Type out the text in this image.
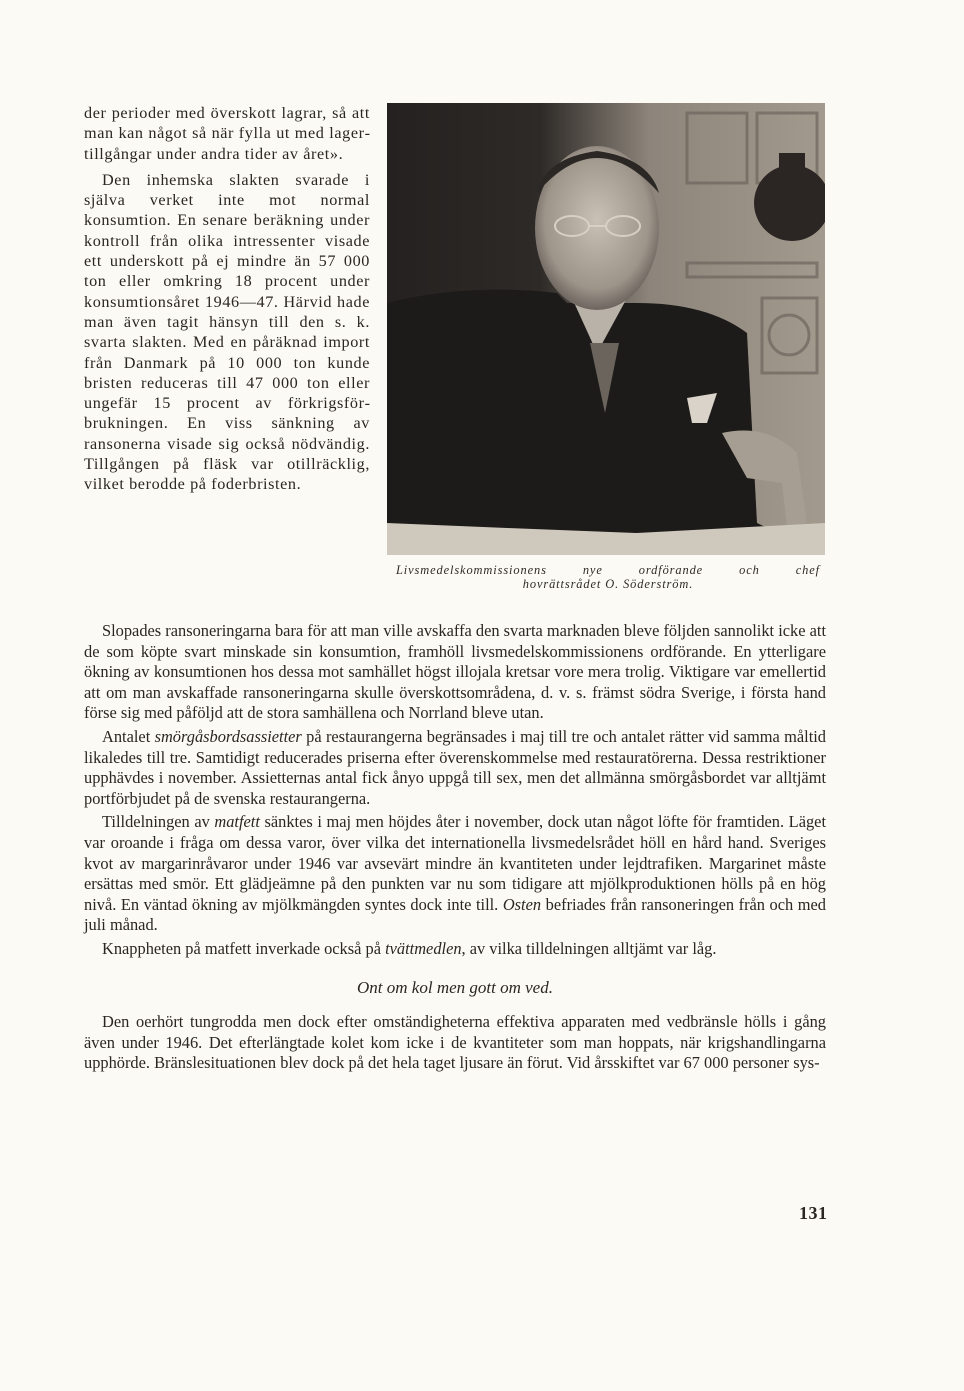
der perioder med överskott lagrar, så att man kan något så när fylla ut med lagertillgångar under andra tider av året».

Den inhemska slakten svarade i själva verket inte mot normal konsumtion. En senare beräkning under kontroll från olika intressenter visade ett underskott på ej mindre än 57 000 ton eller omkring 18 procent under konsumtionsåret 1946—47. Härvid hade man även tagit hänsyn till den s. k. svarta slakten. Med en påräknad import från Danmark på 10 000 ton kunde bristen reduceras till 47 000 ton eller ungefär 15 procent av förkrigsförbrukningen. En viss sänkning av ransonerna visade sig också nödvändig. Tillgången på fläsk var otillräcklig, vilket berodde på foderbristen.

Livsmedelskommissionens nye ordförande och chef
hovrättsrådet O. Söderström.

Slopades ransoneringarna bara för att man ville avskaffa den svarta marknaden bleve följden sannolikt icke att de som köpte svart minskade sin konsumtion, framhöll livsmedelskommissionens ordförande. En ytterligare ökning av konsumtionen hos dessa mot samhället högst illojala kretsar vore mera trolig. Viktigare var emellertid att om man avskaffade ransoneringarna skulle överskottsområdena, d. v. s. främst södra Sverige, i första hand förse sig med påföljd att de stora samhällena och Norrland bleve utan.

Antalet smörgåsbordsassietter på restaurangerna begränsades i maj till tre och antalet rätter vid samma måltid likaledes till tre. Samtidigt reducerades priserna efter överenskommelse med restauratörerna. Dessa restriktioner upphävdes i november. Assietternas antal fick ånyo uppgå till sex, men det allmänna smörgåsbordet var alltjämt portförbjudet på de svenska restaurangerna.

Tilldelningen av matfett sänktes i maj men höjdes åter i november, dock utan något löfte för framtiden. Läget var oroande i fråga om dessa varor, över vilka det internationella livsmedelsrådet höll en hård hand. Sveriges kvot av margarinråvaror under 1946 var avsevärt mindre än kvantiteten under lejdtrafiken. Margarinet måste ersättas med smör. Ett glädjeämne på den punkten var nu som tidigare att mjölkproduktionen hölls på en hög nivå. En väntad ökning av mjölkmängden syntes dock inte till. Osten befriades från ransoneringen från och med juli månad.

Knappheten på matfett inverkade också på tvättmedlen, av vilka tilldelningen alltjämt var låg.

Ont om kol men gott om ved.

Den oerhört tungrodda men dock efter omständigheterna effektiva apparaten med vedbränsle hölls i gång även under 1946. Det efterlängtade kolet kom icke i de kvantiteter som man hoppats, när krigshandlingarna upphörde. Bränslesituationen blev dock på det hela taget ljusare än förut. Vid årsskiftet var 67 000 personer sys-

131
